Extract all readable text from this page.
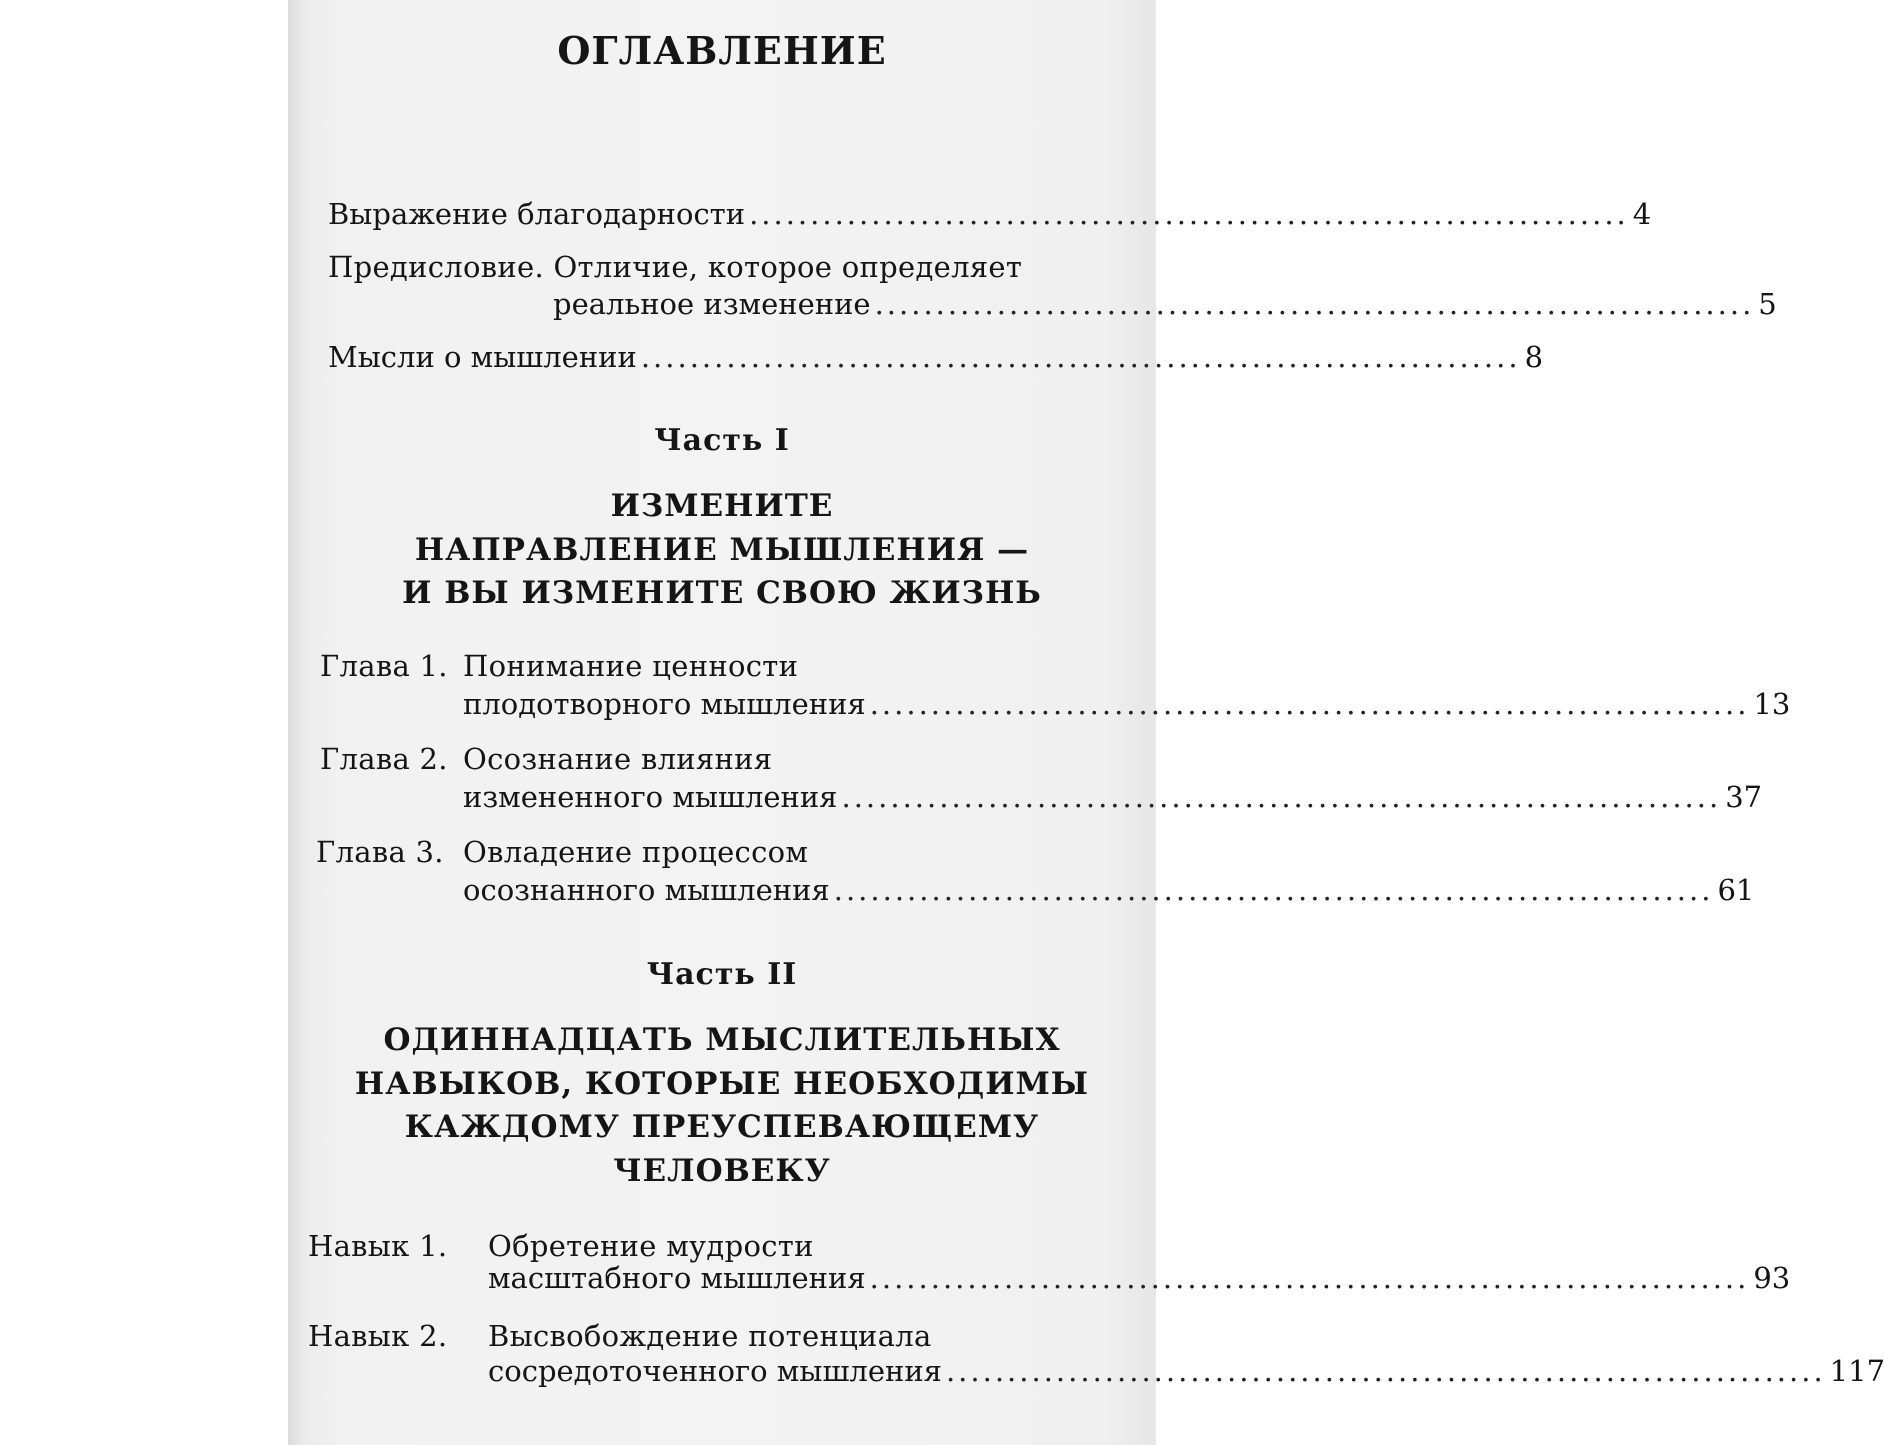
ОГЛАВЛЕНИЕ
Выражение благодарности ........................................................................ 4
Предисловие. Отличие, которое определяет
реальное изменение ........................................................................ 5
Мысли о мышлении ........................................................................ 8
Часть I
ИЗМЕНИТЕ
НАПРАВЛЕНИЕ МЫШЛЕНИЯ —
И ВЫ ИЗМЕНИТЕ СВОЮ ЖИЗНЬ
Глава 1. Понимание ценности
плодотворного мышления ........................................................................ 13
Глава 2. Осознание влияния
измененного мышления ........................................................................ 37
Глава 3. Овладение процессом
осознанного мышления ........................................................................ 61
Часть II
ОДИННАДЦАТЬ МЫСЛИТЕЛЬНЫХ
НАВЫКОВ, КОТОРЫЕ НЕОБХОДИМЫ
КАЖДОМУ ПРЕУСПЕВАЮЩЕМУ
ЧЕЛОВЕКУ
Навык 1. Обретение мудрости
масштабного мышления ........................................................................ 93
Навык 2. Высвобождение потенциала
сосредоточенного мышления ........................................................................ 117
